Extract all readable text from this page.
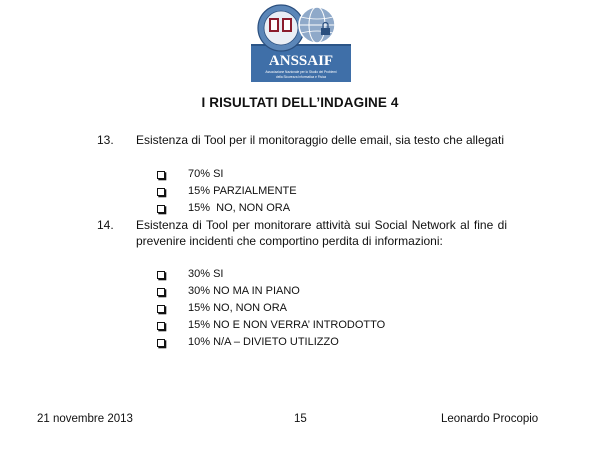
ANSSAIF
Associazione Nazionale per lo Studio dei Problemi
della Sicurezza Informatica e Fisica
I RISULTATI DELL’INDAGINE 4
13.	Esistenza di Tool per il monitoraggio delle email, sia testo che allegati
70% SI
15% PARZIALMENTE
15%  NO, NON ORA
14.	Esistenza di Tool per monitorare attività sui Social Network al fine di prevenire incidenti che comportino perdita di informazioni:
30% SI
30% NO MA IN PIANO
15% NO, NON ORA
15% NO E NON VERRA’ INTRODOTTO
10% N/A – DIVIETO UTILIZZO
21 novembre 2013	15	Leonardo Procopio
